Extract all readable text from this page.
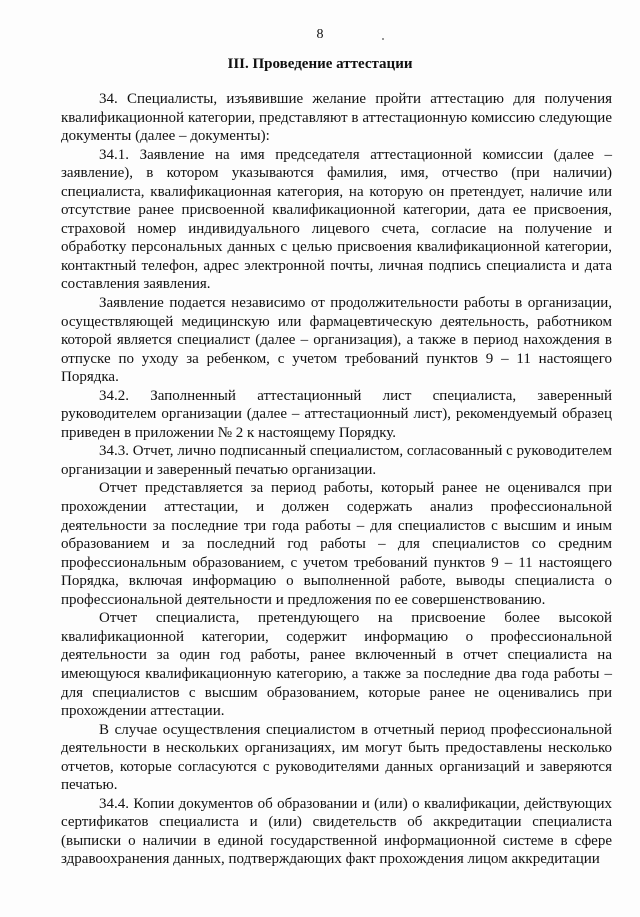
8
III. Проведение аттестации

34. Специалисты, изъявившие желание пройти аттестацию для получения квалификационной категории, представляют в аттестационную комиссию следующие документы (далее – документы):

34.1. Заявление на имя председателя аттестационной комиссии (далее – заявление), в котором указываются фамилия, имя, отчество (при наличии) специалиста, квалификационная категория, на которую он претендует, наличие или отсутствие ранее присвоенной квалификационной категории, дата ее присвоения, страховой номер индивидуального лицевого счета, согласие на получение и обработку персональных данных с целью присвоения квалификационной категории, контактный телефон, адрес электронной почты, личная подпись специалиста и дата составления заявления.

Заявление подается независимо от продолжительности работы в организации, осуществляющей медицинскую или фармацевтическую деятельность, работником которой является специалист (далее – организация), а также в период нахождения в отпуске по уходу за ребенком, с учетом требований пунктов 9 – 11 настоящего Порядка.

34.2. Заполненный аттестационный лист специалиста, заверенный руководителем организации (далее – аттестационный лист), рекомендуемый образец приведен в приложении № 2 к настоящему Порядку.

34.3. Отчет, лично подписанный специалистом, согласованный с руководителем организации и заверенный печатью организации.

Отчет представляется за период работы, который ранее не оценивался при прохождении аттестации, и должен содержать анализ профессиональной деятельности за последние три года работы – для специалистов с высшим и иным образованием и за последний год работы – для специалистов со средним профессиональным образованием, с учетом требований пунктов 9 – 11 настоящего Порядка, включая информацию о выполненной работе, выводы специалиста о профессиональной деятельности и предложения по ее совершенствованию.

Отчет специалиста, претендующего на присвоение более высокой квалификационной категории, содержит информацию о профессиональной деятельности за один год работы, ранее включенный в отчет специалиста на имеющуюся квалификационную категорию, а также за последние два года работы – для специалистов с высшим образованием, которые ранее не оценивались при прохождении аттестации.

В случае осуществления специалистом в отчетный период профессиональной деятельности в нескольких организациях, им могут быть предоставлены несколько отчетов, которые согласуются с руководителями данных организаций и заверяются печатью.

34.4. Копии документов об образовании и (или) о квалификации, действующих сертификатов специалиста и (или) свидетельств об аккредитации специалиста (выписки о наличии в единой государственной информационной системе в сфере здравоохранения данных, подтверждающих факт прохождения лицом аккредитации
